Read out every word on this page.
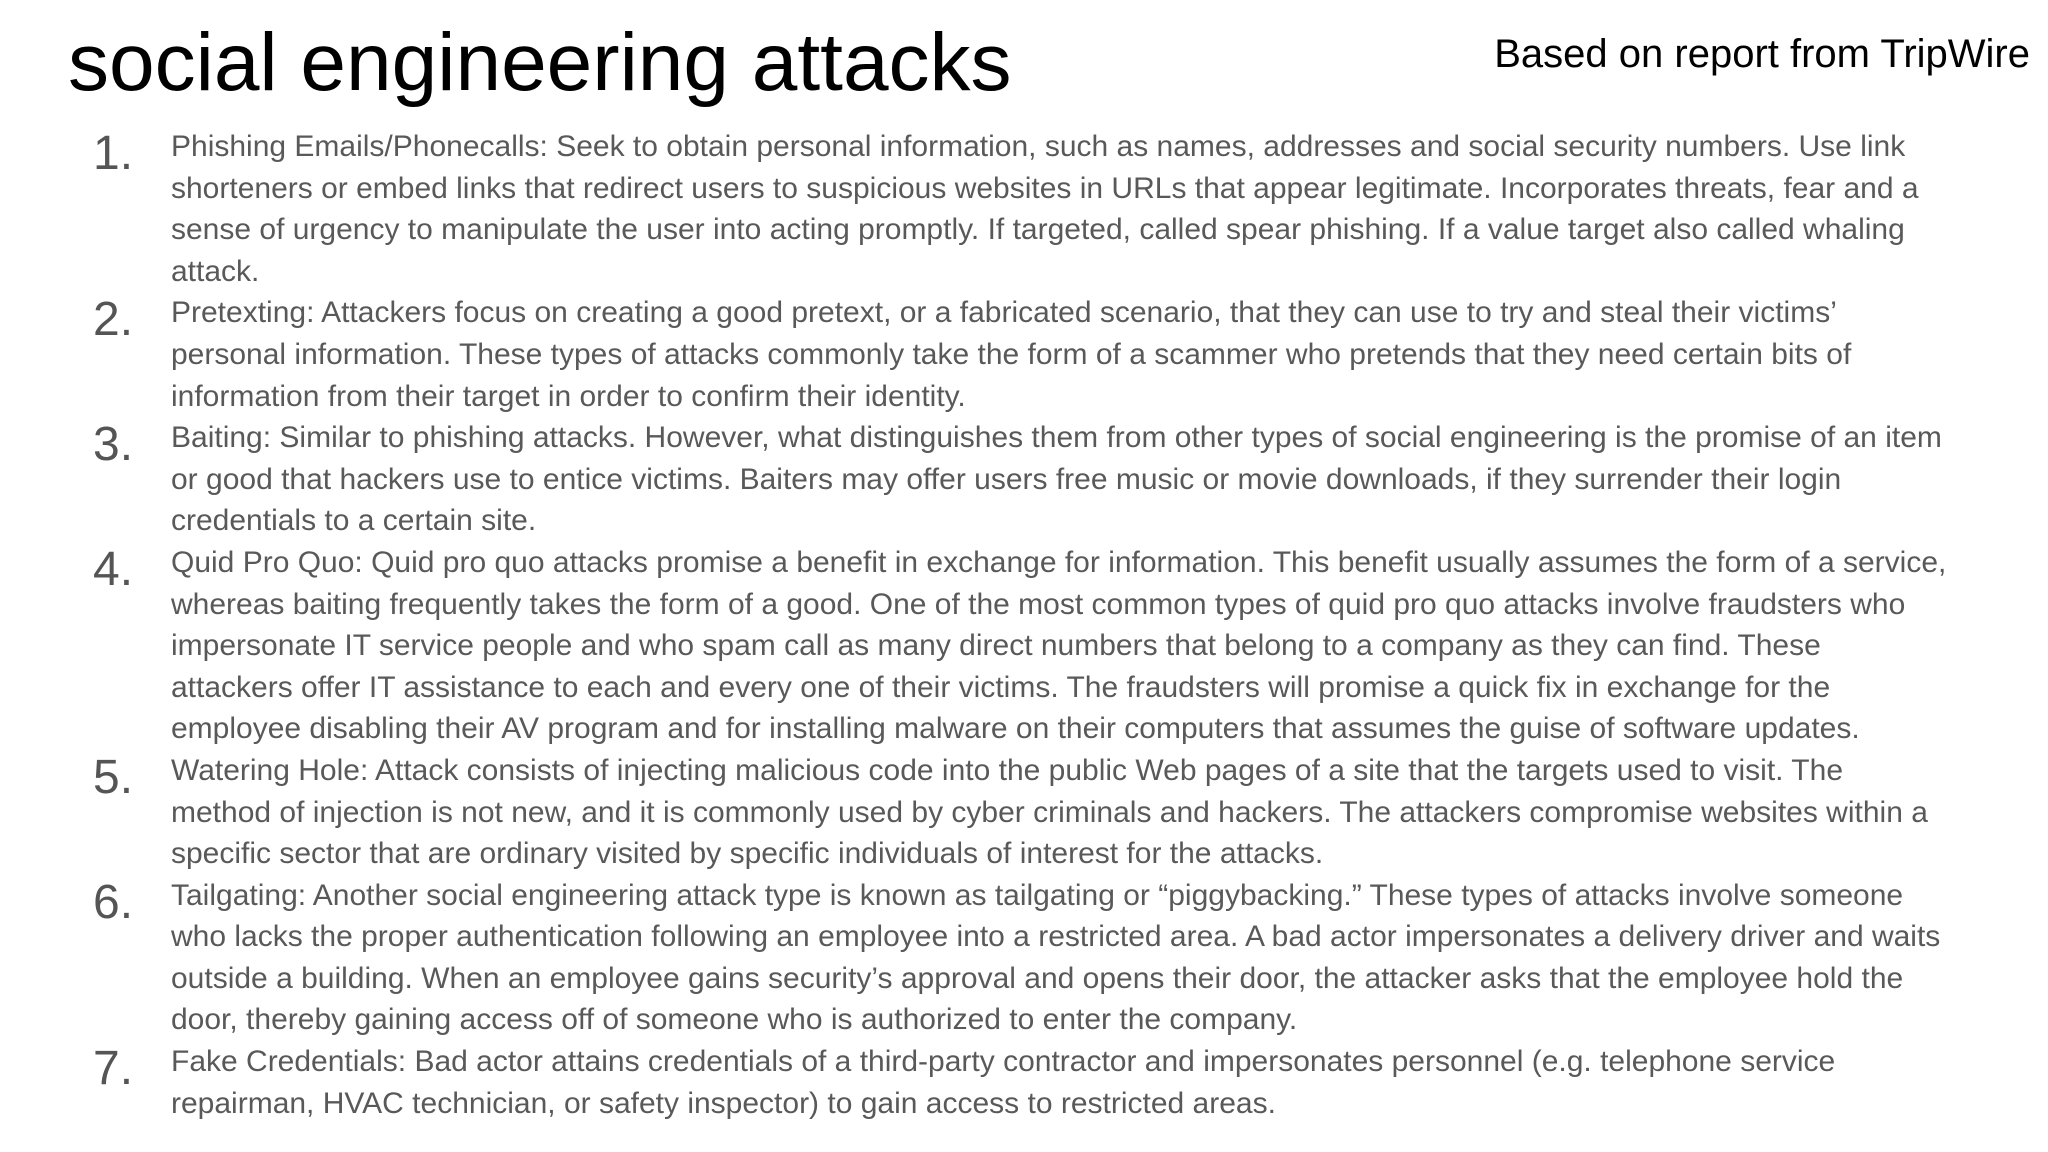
social engineering attacks	Based on report from TripWire
1. Phishing Emails/Phonecalls: Seek to obtain personal information, such as names, addresses and social security numbers. Use link shorteners or embed links that redirect users to suspicious websites in URLs that appear legitimate. Incorporates threats, fear and a sense of urgency to manipulate the user into acting promptly. If targeted, called spear phishing. If a value target also called whaling attack.
2. Pretexting: Attackers focus on creating a good pretext, or a fabricated scenario, that they can use to try and steal their victims’ personal information. These types of attacks commonly take the form of a scammer who pretends that they need certain bits of information from their target in order to confirm their identity.
3. Baiting: Similar to phishing attacks. However, what distinguishes them from other types of social engineering is the promise of an item or good that hackers use to entice victims. Baiters may offer users free music or movie downloads, if they surrender their login credentials to a certain site.
4. Quid Pro Quo: Quid pro quo attacks promise a benefit in exchange for information. This benefit usually assumes the form of a service, whereas baiting frequently takes the form of a good. One of the most common types of quid pro quo attacks involve fraudsters who impersonate IT service people and who spam call as many direct numbers that belong to a company as they can find. These attackers offer IT assistance to each and every one of their victims. The fraudsters will promise a quick fix in exchange for the employee disabling their AV program and for installing malware on their computers that assumes the guise of software updates.
5. Watering Hole: Attack consists of injecting malicious code into the public Web pages of a site that the targets used to visit. The method of injection is not new, and it is commonly used by cyber criminals and hackers. The attackers compromise websites within a specific sector that are ordinary visited by specific individuals of interest for the attacks.
6. Tailgating: Another social engineering attack type is known as tailgating or “piggybacking.” These types of attacks involve someone who lacks the proper authentication following an employee into a restricted area. A bad actor impersonates a delivery driver and waits outside a building. When an employee gains security’s approval and opens their door, the attacker asks that the employee hold the door, thereby gaining access off of someone who is authorized to enter the company.
7. Fake Credentials: Bad actor attains credentials of a third-party contractor and impersonates personnel (e.g. telephone service repairman, HVAC technician, or safety inspector) to gain access to restricted areas.
